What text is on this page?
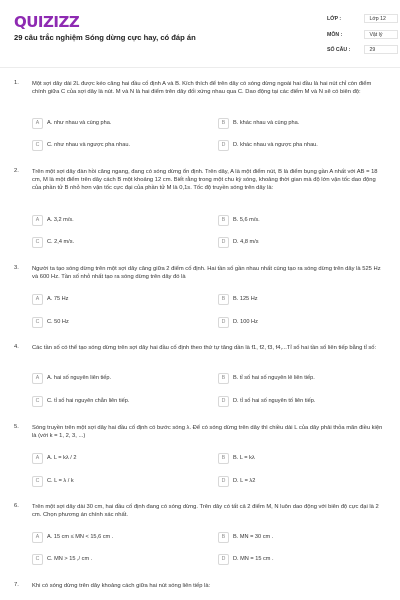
QUIZIZZ
29 câu trắc nghiệm Sóng dừng cực hay, có đáp án
LỚP :	Lớp 12
MÔN :	Vật lý
SỐ CÂU :	29
1. Một sợi dây dài 2L được kéo căng hai đầu cố định A và B. Kích thích để trên dây có sóng dừng ngoài hai đầu là hai nút chỉ còn điểm chính giữa C của sợi dây là nút. M và N là hai điểm trên dây đối xứng nhau qua C. Dao động tại các điểm M và N sẽ có biên độ:
A	A. như nhau và cùng pha.	B	B. khác nhau và cùng pha.
C	C. như nhau và ngược pha nhau.	D	D. khác nhau và ngược pha nhau.
2. Trên một sợi dây đàn hồi căng ngang, đang có sóng dừng ổn định. Trên dây, A là một điểm nút, B là điểm bụng gần A nhất với AB = 18 cm, M là một điểm trên dây cách B một khoảng 12 cm. Biết rằng trong một chu kỳ sóng, khoảng thời gian mà độ lớn vận tốc dao động của phần tử B nhỏ hơn vận tốc cực đại của phần tử M là 0,1s. Tốc độ truyền sóng trên dây là:
A	A. 3,2 m/s.	B	B. 5,6 m/s.
C	C. 2,4 m/s.	D	D. 4,8 m/s
3. Người ta tạo sóng dừng trên một sợi dây căng giữa 2 điểm cố định. Hai tần số gần nhau nhất cùng tạo ra sóng dừng trên dây là 525 Hz và 600 Hz. Tần số nhỏ nhất tạo ra sóng dừng trên dây đó là
A	A. 75 Hz	B	B. 125 Hz
C	C. 50 Hz	D	D. 100 Hz
4. Các tần số có thể tạo sóng dừng trên sợi dây hai đầu cố định theo thứ tự tăng dần là f1, f2, f3, f4,...Tỉ số hai tần số liên tiếp bằng tỉ số:
A	A. hai số nguyên liên tiếp.	B	B. tỉ số hai số nguyên lẻ liên tiếp.
C	C. tỉ số hai nguyên chẵn liên tiếp.	D	D. tỉ số hai số nguyên tố liên tiếp.
5. Sóng truyền trên một sợi dây hai đầu cố định có bước sóng λ. Để có sóng dừng trên dây thì chiều dài L của dây phải thỏa mãn điều kiện là (với k = 1, 2, 3, ...)
A	A. L = kλ / 2	B	B. L = kλ
C	C. L = λ / k	D	D. L = λ2
6. Trên một sợi dây dài 30 cm, hai đầu cố định đang có sóng dừng. Trên dây có tất cả 2 điểm M, N luôn dao động với biên độ cực đại là 2 cm. Chọn phương án chính xác nhất.
A	A. 15 cm ≤ MN < 15,6 cm .	B	B. MN = 30 cm .
C	C. MN > 15 ,/ cm .	D	D. MN = 15 cm .
7. Khi có sóng dừng trên dây khoảng cách giữa hai nút sóng liên tiếp là:
